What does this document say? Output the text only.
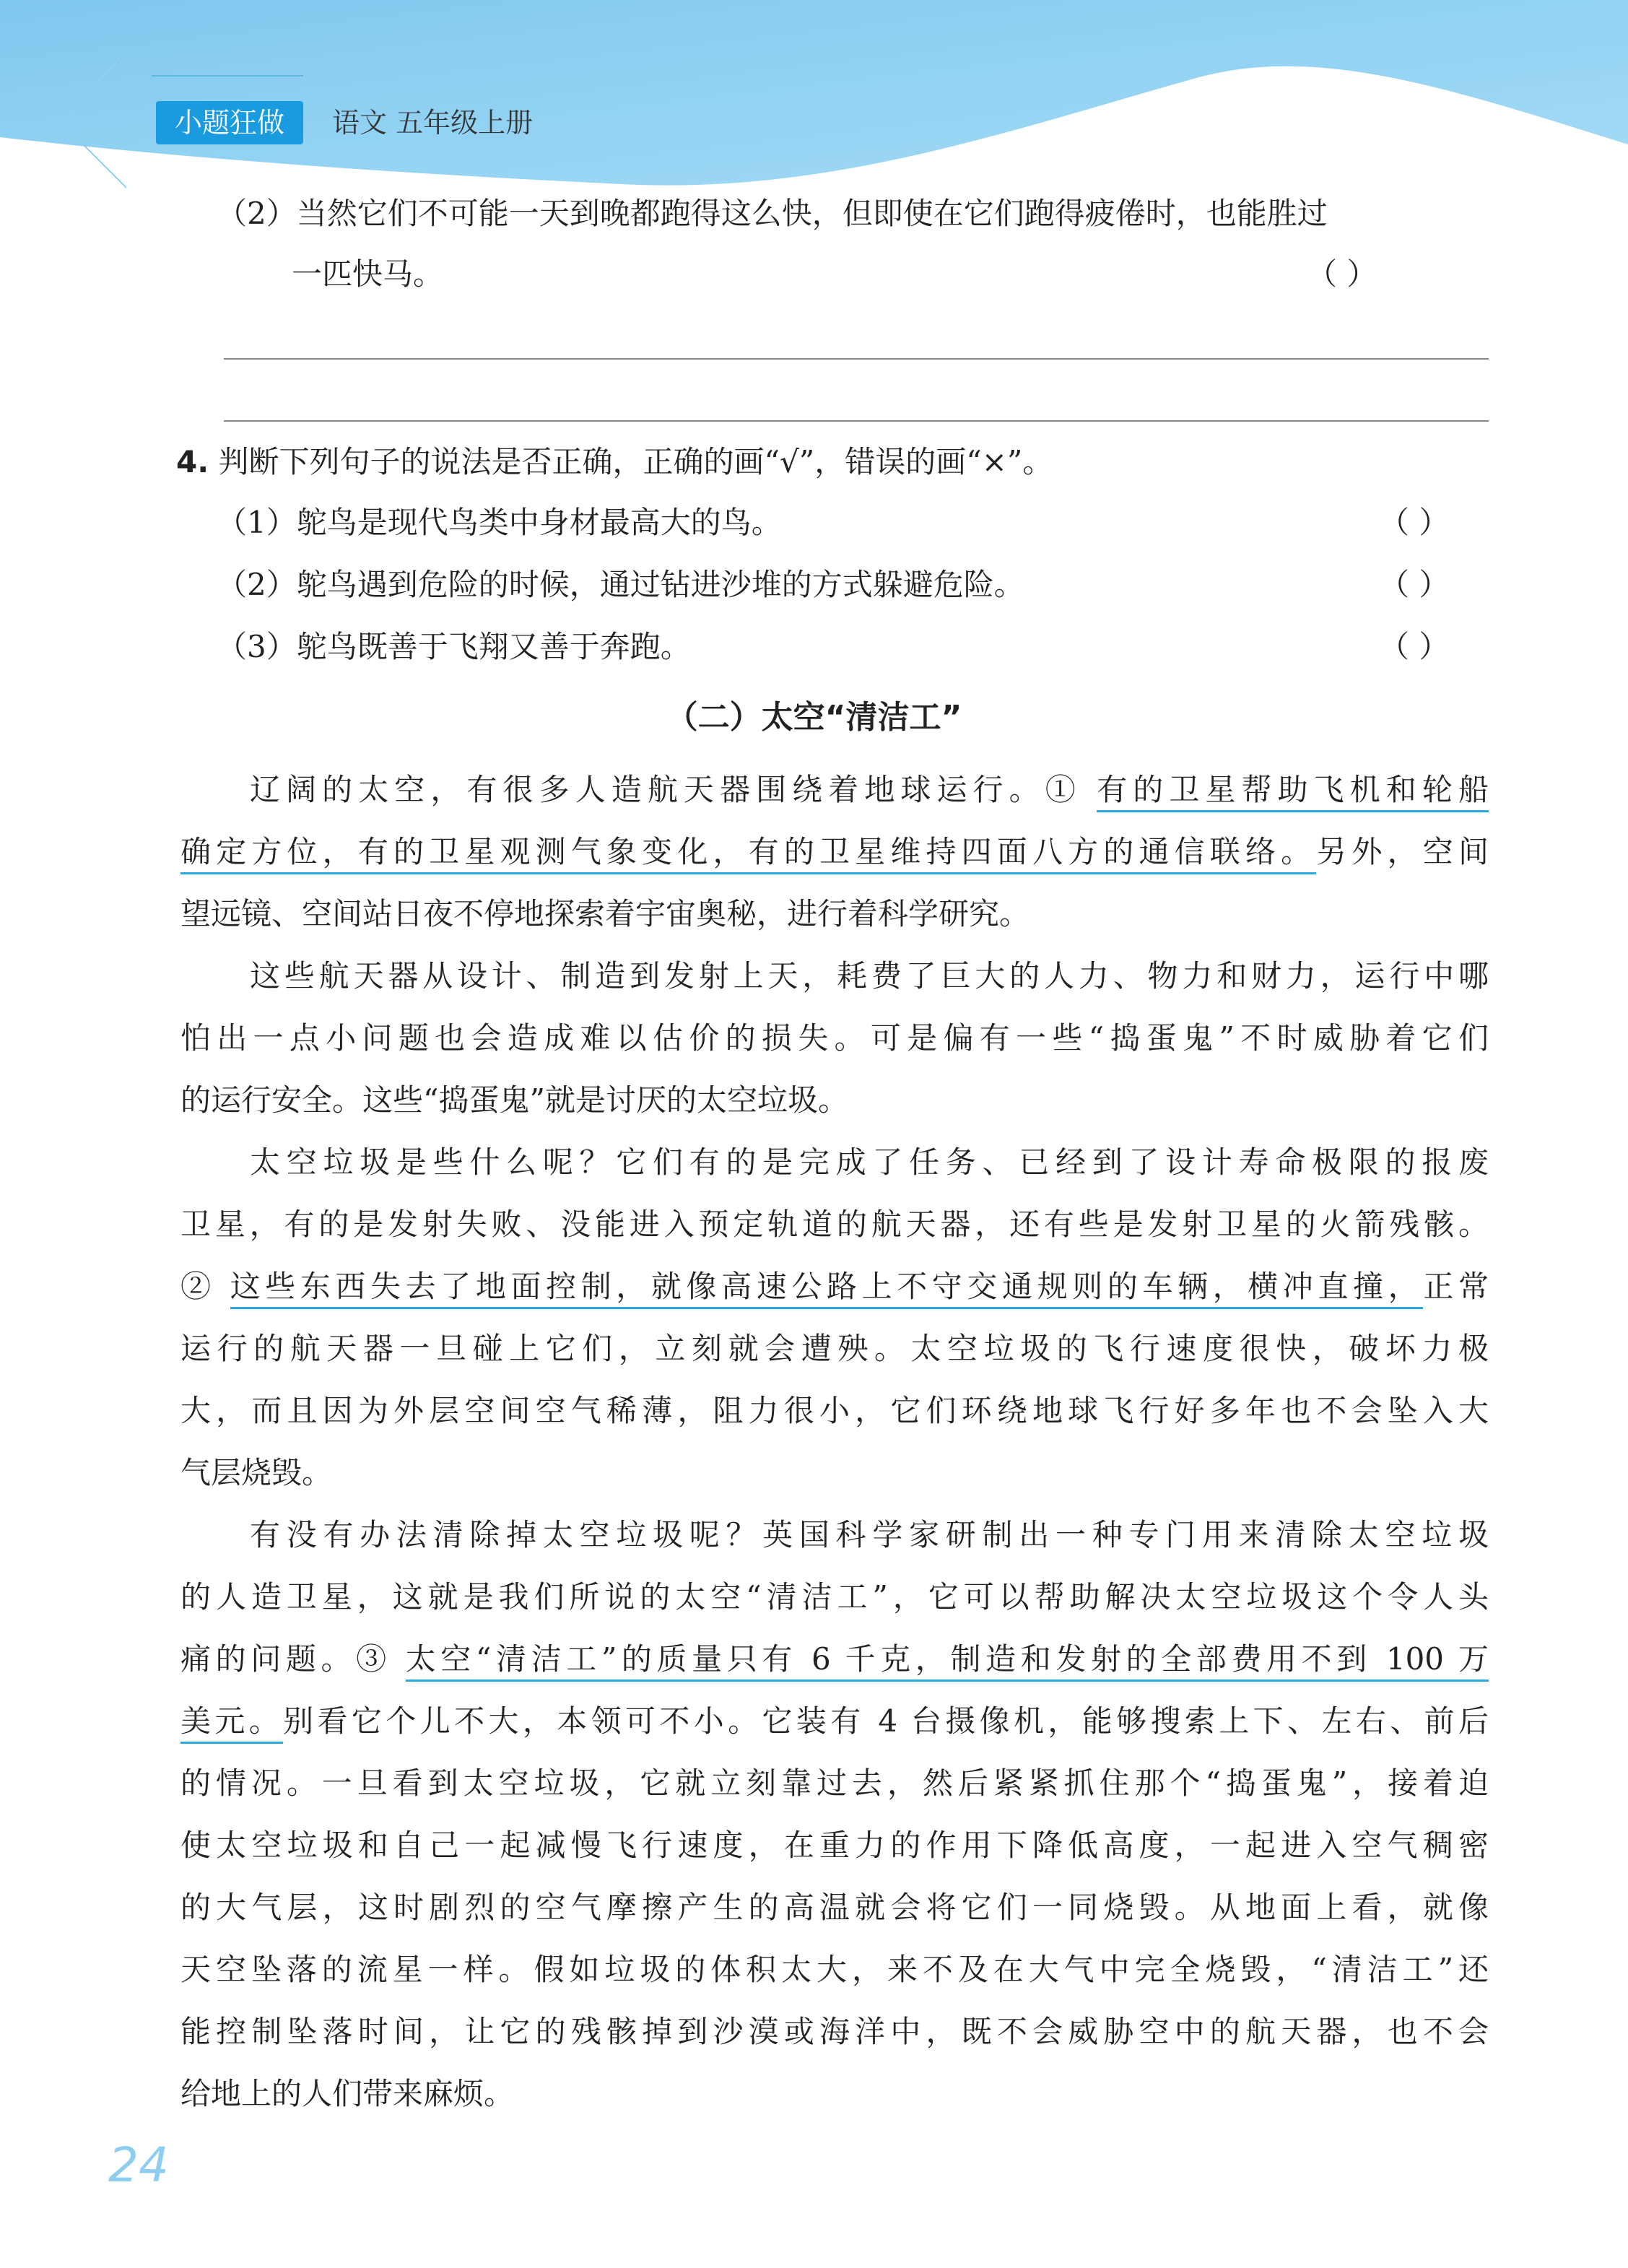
小题狂做	语文 五年级上册
（2）当然它们不可能一天到晚都跑得这么快，但即使在它们跑得疲倦时，也能胜过
一匹快马。	（ ）
4. 判断下列句子的说法是否正确，正确的画“√”，错误的画“×”。
（1）鸵鸟是现代鸟类中身材最高大的鸟。	（ ）
（2）鸵鸟遇到危险的时候，通过钻进沙堆的方式躲避危险。	（ ）
（3）鸵鸟既善于飞翔又善于奔跑。	（ ）
（二）太空“清洁工”
辽阔的太空，有很多人造航天器围绕着地球运行。① 有的卫星帮助飞机和轮船
确定方位，有的卫星观测气象变化，有的卫星维持四面八方的通信联络。另外，空间
望远镜、空间站日夜不停地探索着宇宙奥秘，进行着科学研究。
这些航天器从设计、制造到发射上天，耗费了巨大的人力、物力和财力，运行中哪
怕出一点小问题也会造成难以估价的损失。可是偏有一些“捣蛋鬼”不时威胁着它们
的运行安全。这些“捣蛋鬼”就是讨厌的太空垃圾。
太空垃圾是些什么呢？它们有的是完成了任务、已经到了设计寿命极限的报废
卫星，有的是发射失败、没能进入预定轨道的航天器，还有些是发射卫星的火箭残骸。
② 这些东西失去了地面控制，就像高速公路上不守交通规则的车辆，横冲直撞，正常
运行的航天器一旦碰上它们，立刻就会遭殃。太空垃圾的飞行速度很快，破坏力极
大，而且因为外层空间空气稀薄，阻力很小，它们环绕地球飞行好多年也不会坠入大
气层烧毁。
有没有办法清除掉太空垃圾呢？英国科学家研制出一种专门用来清除太空垃圾
的人造卫星，这就是我们所说的太空“清洁工”，它可以帮助解决太空垃圾这个令人头
痛的问题。③ 太空“清洁工”的质量只有 6 千克，制造和发射的全部费用不到 100 万
美元。别看它个儿不大，本领可不小。它装有 4 台摄像机，能够搜索上下、左右、前后
的情况。一旦看到太空垃圾，它就立刻靠过去，然后紧紧抓住那个“捣蛋鬼”，接着迫
使太空垃圾和自己一起减慢飞行速度，在重力的作用下降低高度，一起进入空气稠密
的大气层，这时剧烈的空气摩擦产生的高温就会将它们一同烧毁。从地面上看，就像
天空坠落的流星一样。假如垃圾的体积太大，来不及在大气中完全烧毁，“清洁工”还
能控制坠落时间，让它的残骸掉到沙漠或海洋中，既不会威胁空中的航天器，也不会
给地上的人们带来麻烦。
24
